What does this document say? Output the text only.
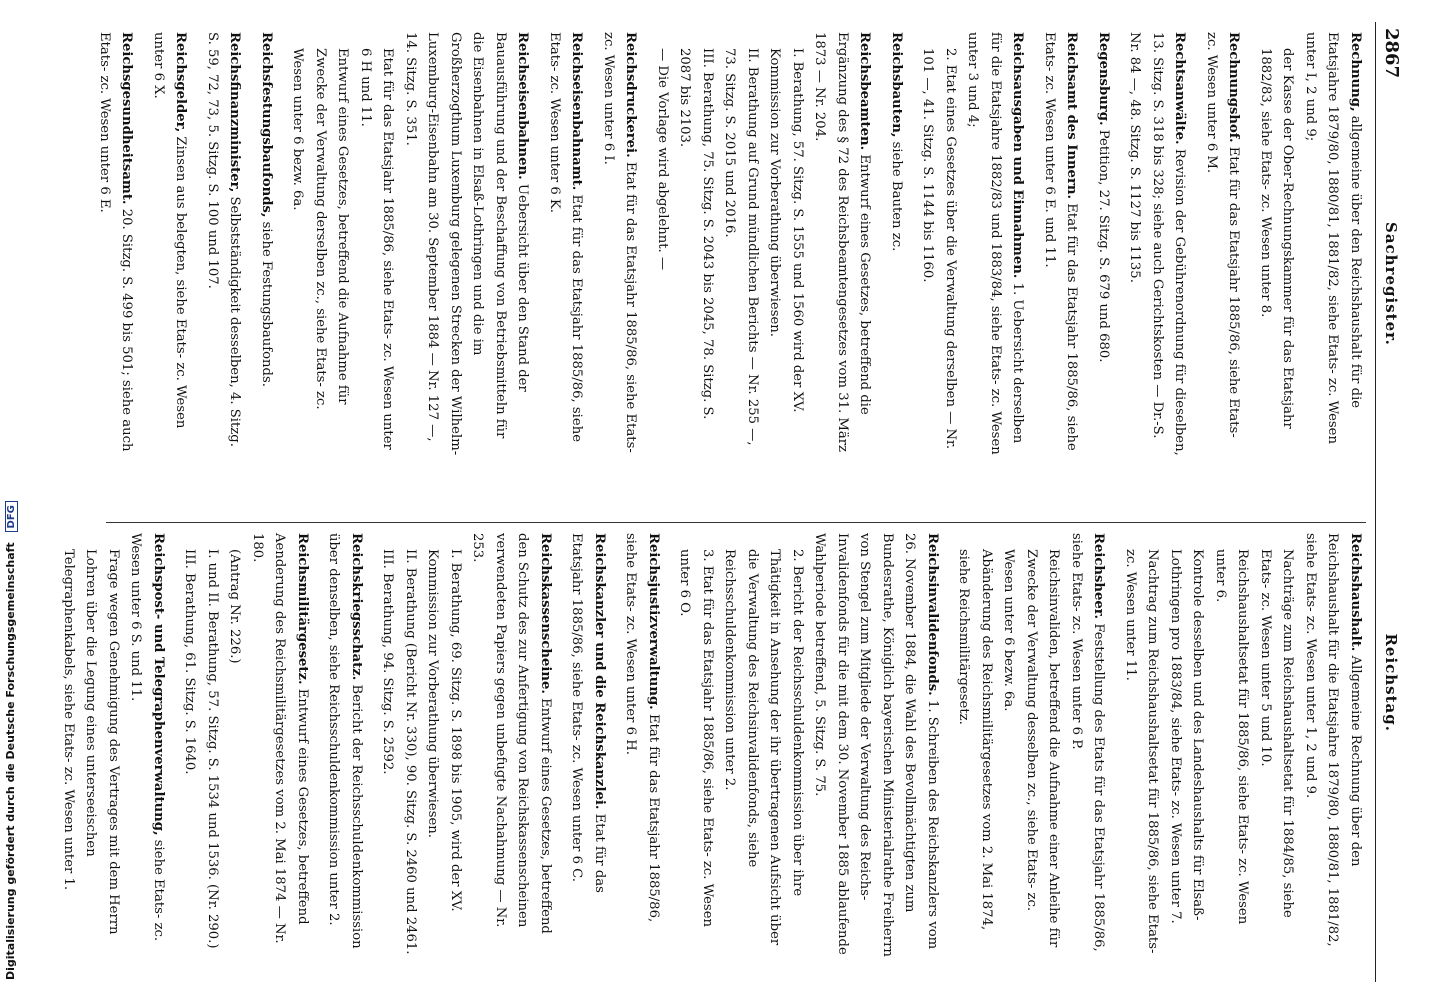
Digitalisierung gefördert durch die Deutsche Forschungsgemeinschaft DFG
2867
Sachregister.
Reichstag.
Reichshaushalt. Allgemeine Rechnung über den Reichshaushalt für die Etatsjahre 1879/80, 1880/81, 1881/82, siehe Etats- zc. Wesen unter 1, 2 und 9.
Nachträge zum Reichshaushaltsetat für 1884/85, siehe Etats- zc. Wesen unter 5 und 10.
Reichshaushaltsetat für 1885/86, siehe Etats- zc. Wesen unter 6.
Kontrole desselben und des Landeshaushalts für Elsaß-Lothringen pro 1883/84, siehe Etats- zc. Wesen unter 7.
Nachtrag zum Reichshaushaltsetat für 1885/86, siehe Etats- zc. Wesen unter 11.
Reichsheer. Feststellung des Etats für das Etatsjahr 1885/86, siehe Etats- zc. Wesen unter 6 P.
Reichsinvaliden, betreffend die Aufnahme einer Anleihe für Zwecke der Verwaltung desselben zc., siehe Etats- zc. Wesen unter 6 bezw. 6a.
Abänderung des Reichsmilitärgesetzes vom 2. Mai 1874, siehe Reichsmilitärgesetz.
Reichsinvalidenfonds. 1. Schreiben des Reichskanzlers vom 26. November 1884, die Wahl des Bevollmächtigten zum Bundesrathe, Königlich bayerischen Ministerialrathe Freiherrn von Stengel zum Mitgliede der Verwaltung des Reichs-Invalidenfonds für die mit dem 30. November 1885 ablaufende Wahlperiode betreffend, 5. Sitzg. S. 75.
2. Bericht der Reichsschuldenkommission über ihre Thätigkeit in Ansehung der ihr übertragenen Aufsicht über die Verwaltung des Reichsinvalidenfonds, siehe Reichsschuldenkommission unter 2.
3. Etat für das Etatsjahr 1885/86, siehe Etats- zc. Wesen unter 6 O.
Reichsjustizverwaltung. Etat für das Etatsjahr 1885/86, siehe Etats- zc. Wesen unter 6 H.
Reichskanzler und die Reichskanzlei. Etat für das Etatsjahr 1885/86, siehe Etats- zc. Wesen unter 6 C.
Reichskassenscheine. Entwurf eines Gesetzes, betreffend den Schutz des zur Anfertigung von Reichskassenscheinen verwendeten Papiers gegen unbefugte Nachahmung — Nr. 253.
I. Berathung, 69. Sitzg. S. 1898 bis 1905, wird der XV. Kommission zur Vorberathung überwiesen.
II. Berathung (Bericht Nr. 330), 90. Sitzg. S. 2460 und 2461.
III. Berathung, 94. Sitzg. S. 2592.
Reichskriegsschatz. Bericht der Reichsschuldenkommission über denselben, siehe Reichsschuldenkommission unter 2.
Reichsmilitärgesetz. Entwurf eines Gesetzes, betreffend Aenderung des Reichsmilitärgesetzes vom 2. Mai 1874 — Nr. 180.
(Antrag Nr. 226.)
I. und II. Berathung, 57. Sitzg. S. 1534 und 1536. (Nr. 290.)
III. Berathung, 61. Sitzg. S. 1640.
Reichspost- und Telegraphenverwaltung, siehe Etats- zc. Wesen unter 6 S. und 11.
Frage wegen Genehmigung des Vertrages mit dem Herrn Lohren über die Legung eines unterseeischen Telegraphenkabels, siehe Etats- zc. Wesen unter 1.
Rechnung, allgemeine über den Reichshaushalt für die Etatsjahre 1879/80, 1880/81, 1881/82, siehe Etats- zc. Wesen unter I, 2 und 9;
der Kasse der Ober-Rechnungskammer für das Etatsjahr 1882/83, siehe Etats- zc. Wesen unter 8.
Rechnungshof. Etat für das Etatsjahr 1885/86, siehe Etats- zc. Wesen unter 6 M.
Rechtsanwälte. Revision der Gebührenordnung für dieselben, 13. Sitzg. S. 318 bis 328; siehe auch Gerichtskosten — Dr.-S. Nr. 84 —, 48. Sitzg. S. 1127 bis 1135.
Regensburg. Petition, 27. Sitzg. S. 679 und 680.
Reichsamt des Innern. Etat für das Etatsjahr 1885/86, siehe Etats- zc. Wesen unter 6 E. und 11.
Reichsausgaben und Einnahmen. 1. Uebersicht derselben für die Etatsjahre 1882/83 und 1883/84, siehe Etats- zc. Wesen unter 3 und 4;
2. Etat eines Gesetzes über die Verwaltung derselben — Nr. 101 —, 41. Sitzg. S. 1144 bis 1160.
Reichsbauten, siehe Bauten zc.
Reichsbeamten. Entwurf eines Gesetzes, betreffend die Ergänzung des § 72 des Reichsbeamtengesetzes vom 31. März 1873 — Nr. 204.
I. Berathung, 57. Sitzg. S. 1555 und 1560 wird der XV. Kommission zur Vorberathung überwiesen.
II. Berathung auf Grund mündlichen Berichts — Nr. 255 —, 73. Sitzg. S. 2015 und 2016.
III. Berathung, 75. Sitzg. S. 2043 bis 2045, 78. Sitzg. S. 2087 bis 2103.
— Die Vorlage wird abgelehnt. —
Reichsdruckerei. Etat für das Etatsjahr 1885/86, siehe Etats- zc. Wesen unter 6 I.
Reichseisenbahnamt. Etat für das Etatsjahr 1885/86, siehe Etats- zc. Wesen unter 6 K.
Reichseisenbahnen. Uebersicht über den Stand der Bauausführung und der Beschaffung von Betriebsmitteln für die Eisenbahnen in Elsaß-Lothringen und die im Großherzogthum Luxemburg gelegenen Strecken der Wilhelm-Luxemburg-Eisenbahn am 30. September 1884 — Nr. 127 —, 14. Sitzg. S. 351.
Etat für das Etatsjahr 1885/86, siehe Etats- zc. Wesen unter 6 H und 11.
Entwurf eines Gesetzes, betreffend die Aufnahme für Zwecke der Verwaltung derselben zc., siehe Etats- zc. Wesen unter 6 bezw. 6a.
Reichsfestungsbaufonds, siehe Festungsbaufonds.
Reichsfinanzminister, Selbstständigkeit desselben, 4. Sitzg. S. 59, 72, 73, 5. Sitzg. S. 100 und 107.
Reichsgelder, Zinsen aus belegten, siehe Etats- zc. Wesen unter 6 X.
Reichsgesundheitsamt. 20. Sitzg. S. 499 bis 501; siehe auch Etats- zc. Wesen unter 6 E.
